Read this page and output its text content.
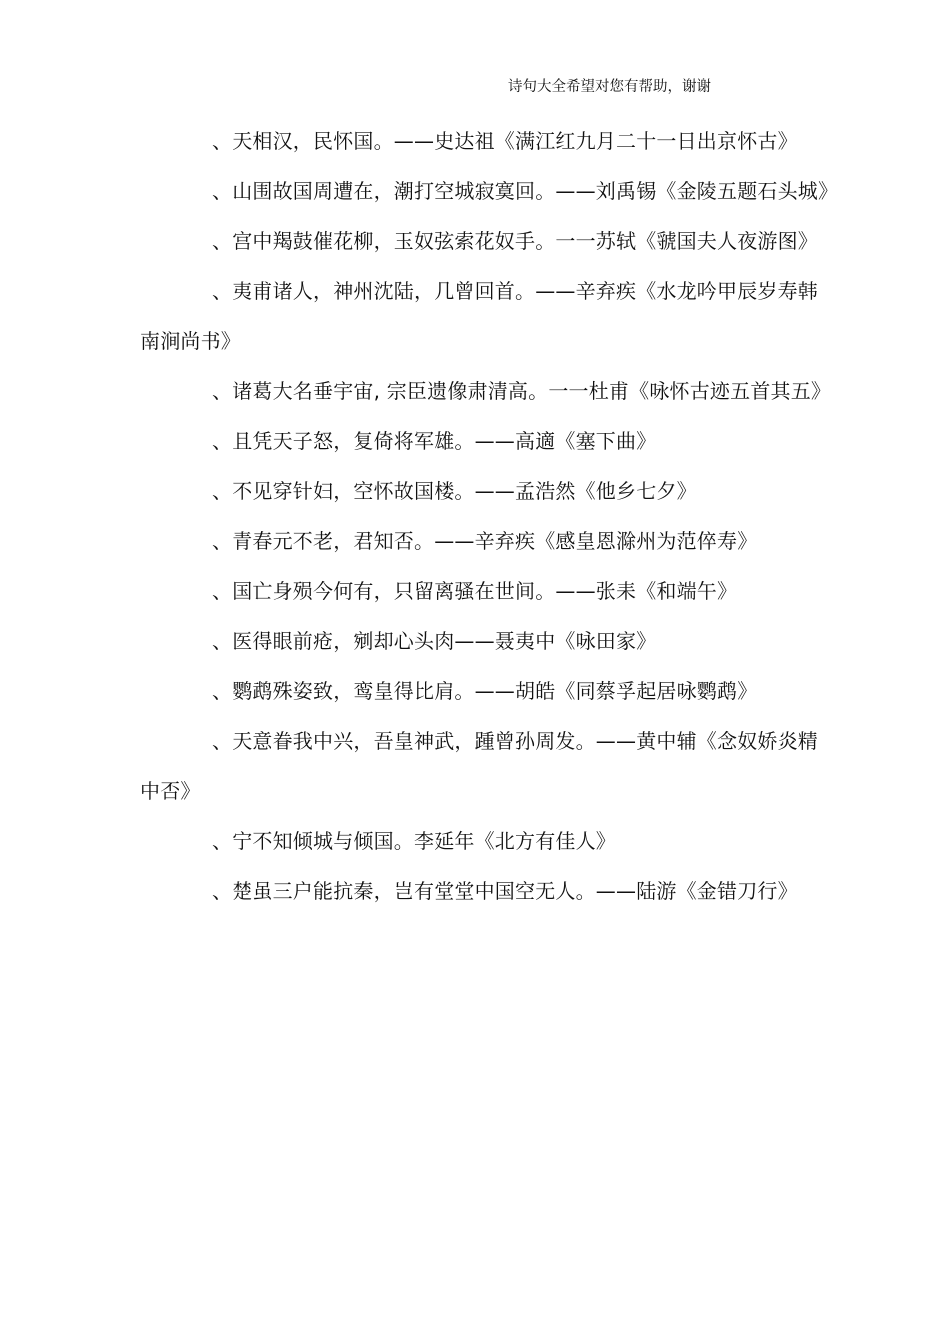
诗句大全希望对您有帮助，谢谢

、天相汉，民怀国。——史达祖《满江红九月二十一日出京怀古》

、山围故国周遭在，潮打空城寂寞回。——刘禹锡《金陵五题石头城》

、宫中羯鼓催花柳，玉奴弦索花奴手。一一苏轼《虢国夫人夜游图》

、夷甫诸人，神州沈陆，几曾回首。——辛弃疾《水龙吟甲辰岁寿韩南涧尚书》

、诸葛大名垂宇宙, 宗臣遗像肃清高。一一杜甫《咏怀古迹五首其五》

、且凭天子怒，复倚将军雄。——高適《塞下曲》

、不见穿针妇，空怀故国楼。——孟浩然《他乡七夕》

、青春元不老，君知否。——辛弃疾《感皇恩滁州为范倅寿》

、国亡身殒今何有，只留离骚在世间。——张耒《和端午》

、医得眼前疮，剜却心头肉——聂夷中《咏田家》

、鹦鹉殊姿致，鸾皇得比肩。——胡皓《同蔡孚起居咏鹦鹉》

、天意眷我中兴，吾皇神武，踵曾孙周发。——黄中辅《念奴娇炎精中否》

、宁不知倾城与倾国。李延年《北方有佳人》

、楚虽三户能抗秦，岂有堂堂中国空无人。——陆游《金错刀行》
